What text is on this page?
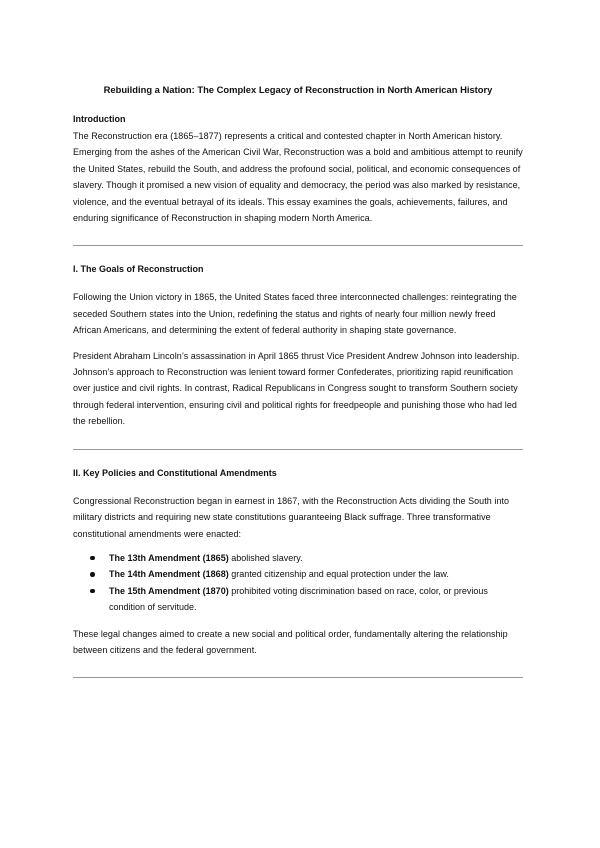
Rebuilding a Nation: The Complex Legacy of Reconstruction in North American History
Introduction

The Reconstruction era (1865–1877) represents a critical and contested chapter in North American history. Emerging from the ashes of the American Civil War, Reconstruction was a bold and ambitious attempt to reunify the United States, rebuild the South, and address the profound social, political, and economic consequences of slavery. Though it promised a new vision of equality and democracy, the period was also marked by resistance, violence, and the eventual betrayal of its ideals. This essay examines the goals, achievements, failures, and enduring significance of Reconstruction in shaping modern North America.

I. The Goals of Reconstruction

Following the Union victory in 1865, the United States faced three interconnected challenges: reintegrating the seceded Southern states into the Union, redefining the status and rights of nearly four million newly freed African Americans, and determining the extent of federal authority in shaping state governance.

President Abraham Lincoln’s assassination in April 1865 thrust Vice President Andrew Johnson into leadership. Johnson’s approach to Reconstruction was lenient toward former Confederates, prioritizing rapid reunification over justice and civil rights. In contrast, Radical Republicans in Congress sought to transform Southern society through federal intervention, ensuring civil and political rights for freedpeople and punishing those who had led the rebellion.

II. Key Policies and Constitutional Amendments

Congressional Reconstruction began in earnest in 1867, with the Reconstruction Acts dividing the South into military districts and requiring new state constitutions guaranteeing Black suffrage. Three transformative constitutional amendments were enacted:

The 13th Amendment (1865) abolished slavery.
The 14th Amendment (1868) granted citizenship and equal protection under the law.
The 15th Amendment (1870) prohibited voting discrimination based on race, color, or previous condition of servitude.

These legal changes aimed to create a new social and political order, fundamentally altering the relationship between citizens and the federal government.
